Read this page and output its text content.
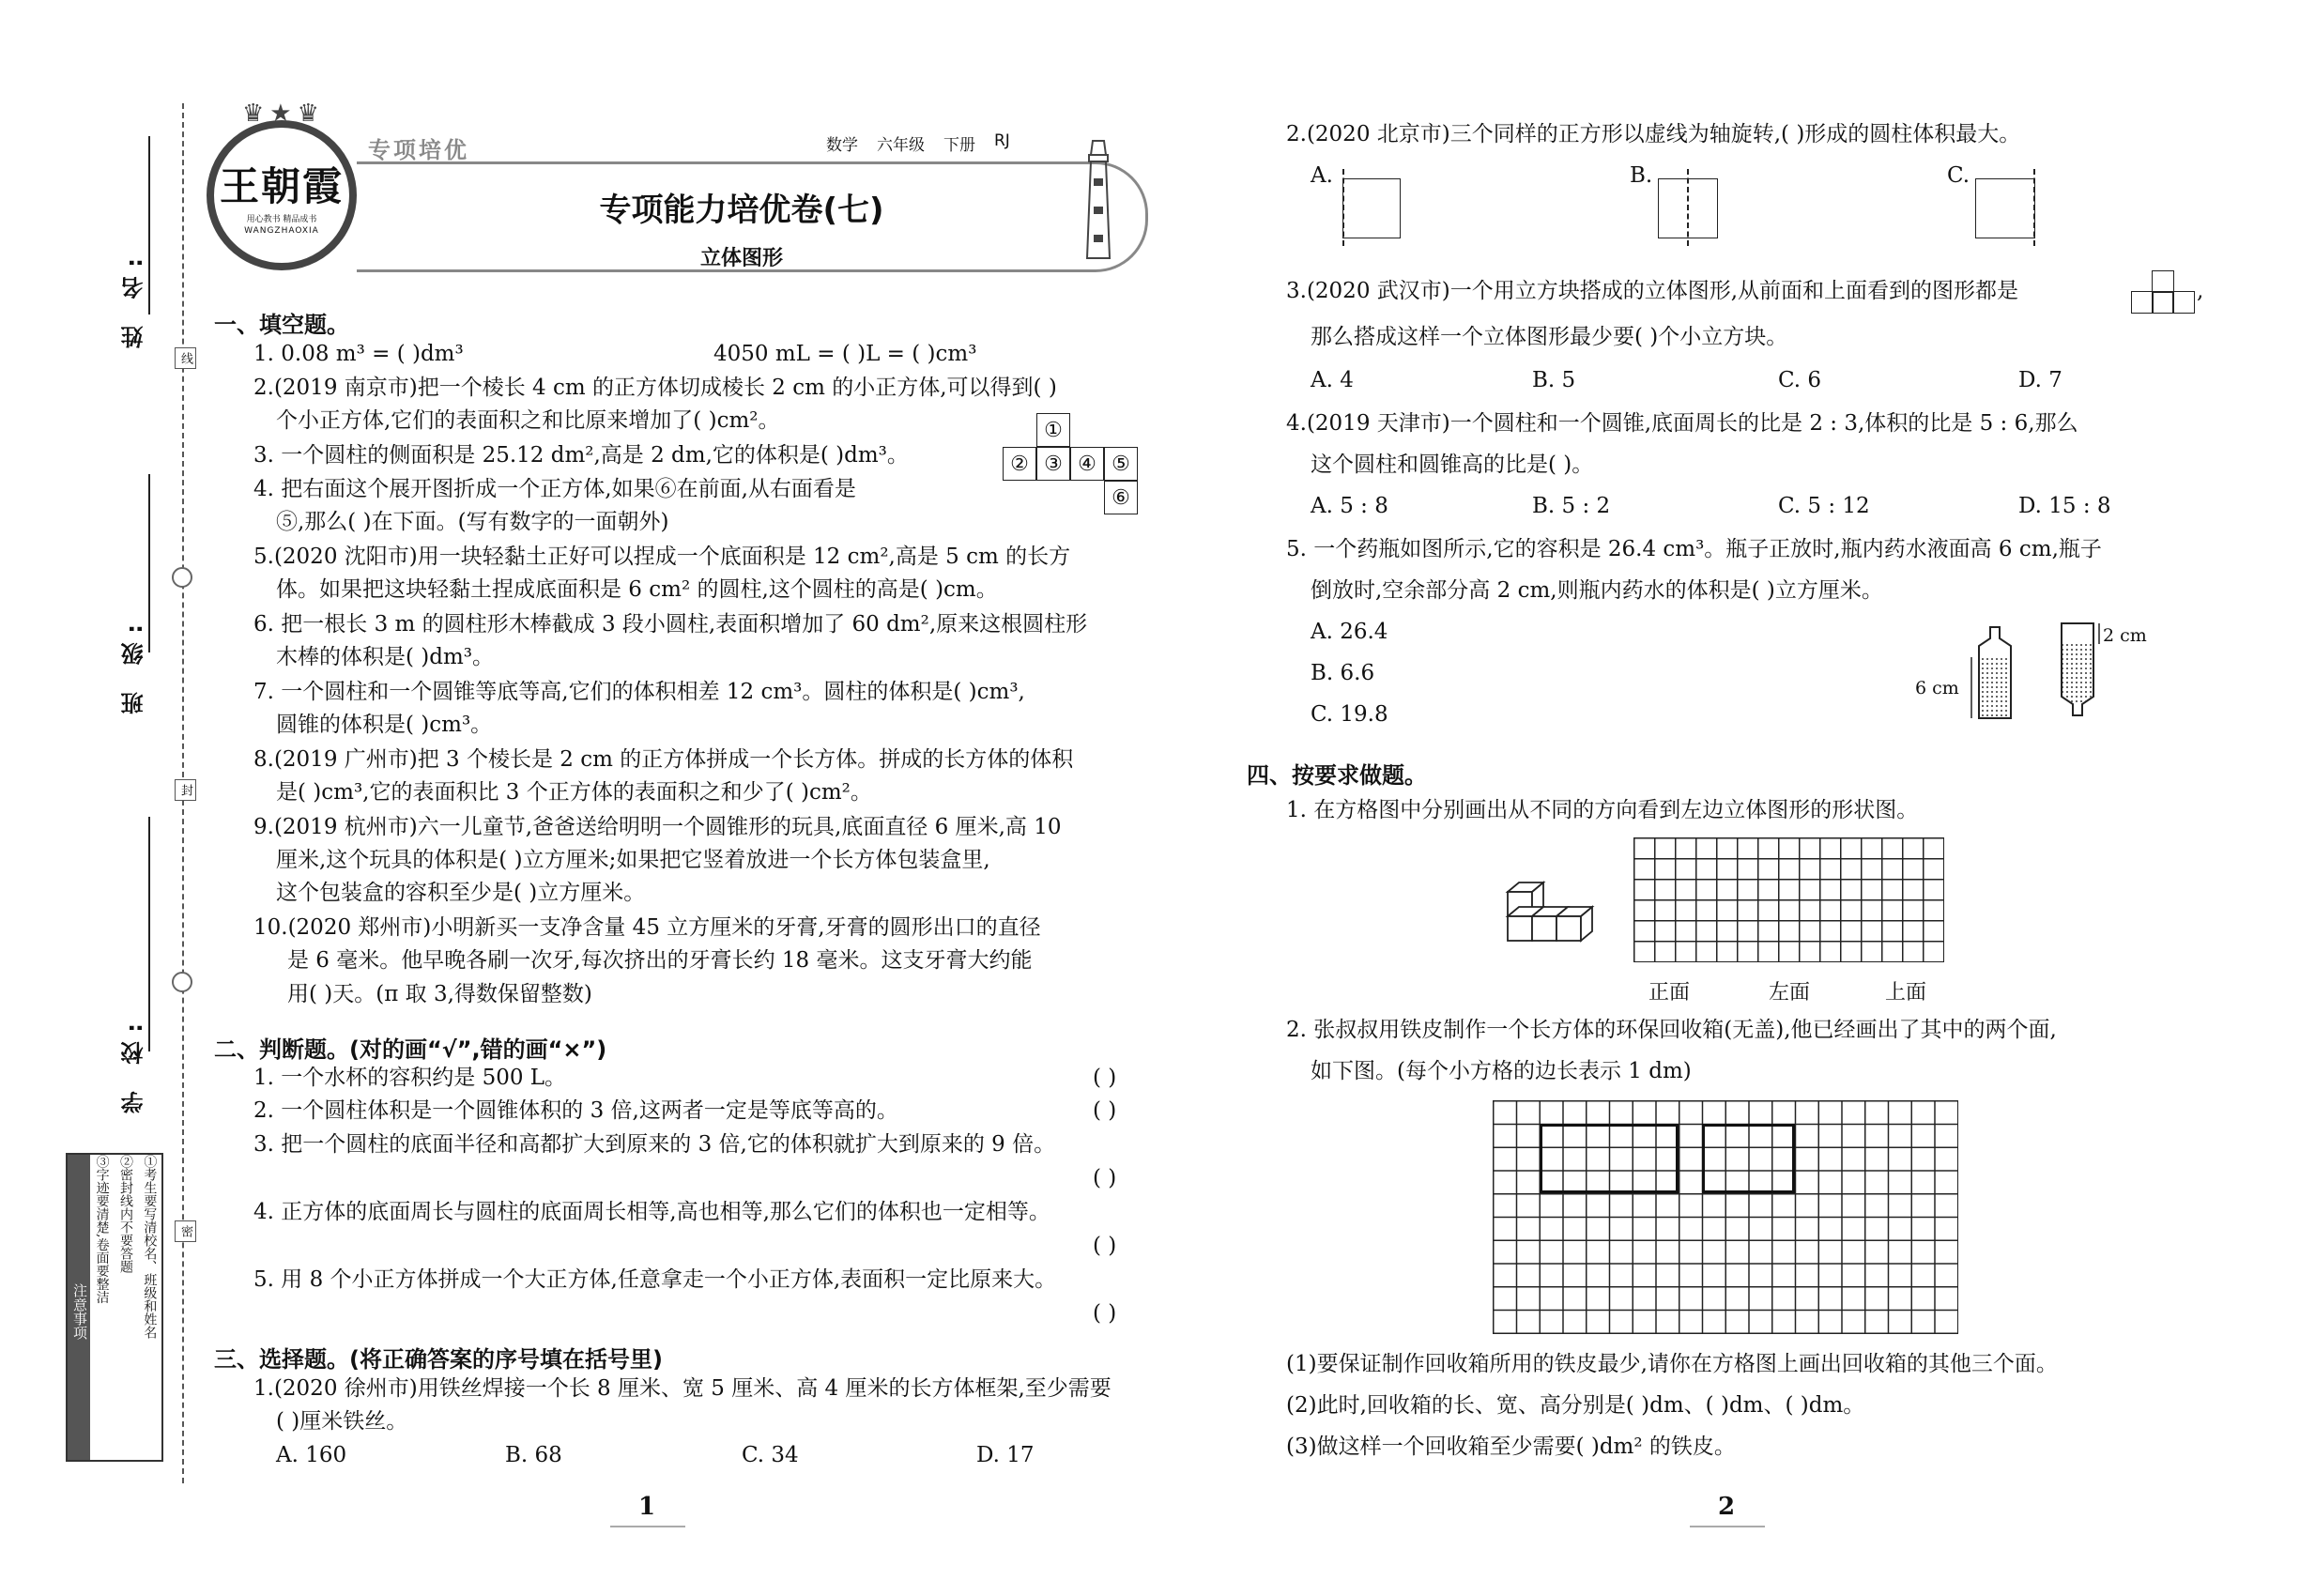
线
封
密
姓 名:
班 级:
学 校:
注意事项	①考生要写清校名、班级和姓名
②密封线内不要答题
③字迹要清楚,卷面要整洁
王朝霞
用心教书 精品成书
WANGZHAOXIA
♛★♛
专项培优	数学 六年级 下册 RJ
专项能力培优卷(七)
立体图形
一、填空题。
1. 0.08 m³ = ( )dm³	4050 mL = ( )L = ( )cm³
2.(2019 南京市)把一个棱长 4 cm 的正方体切成棱长 2 cm 的小正方体,可以得到( )
个小正方体,它们的表面积之和比原来增加了( )cm²。
3. 一个圆柱的侧面积是 25.12 dm²,高是 2 dm,它的体积是( )dm³。
4. 把右面这个展开图折成一个正方体,如果⑥在前面,从右面看是
⑤,那么( )在下面。(写有数字的一面朝外)
①
② ③ ④ ⑤
⑥
5.(2020 沈阳市)用一块轻黏土正好可以捏成一个底面积是 12 cm²,高是 5 cm 的长方
体。如果把这块轻黏土捏成底面积是 6 cm² 的圆柱,这个圆柱的高是( )cm。
6. 把一根长 3 m 的圆柱形木棒截成 3 段小圆柱,表面积增加了 60 dm²,原来这根圆柱形
木棒的体积是( )dm³。
7. 一个圆柱和一个圆锥等底等高,它们的体积相差 12 cm³。圆柱的体积是( )cm³,
圆锥的体积是( )cm³。
8.(2019 广州市)把 3 个棱长是 2 cm 的正方体拼成一个长方体。拼成的长方体的体积
是( )cm³,它的表面积比 3 个正方体的表面积之和少了( )cm²。
9.(2019 杭州市)六一儿童节,爸爸送给明明一个圆锥形的玩具,底面直径 6 厘米,高 10
厘米,这个玩具的体积是( )立方厘米;如果把它竖着放进一个长方体包装盒里,
这个包装盒的容积至少是( )立方厘米。
10.(2020 郑州市)小明新买一支净含量 45 立方厘米的牙膏,牙膏的圆形出口的直径
是 6 毫米。他早晚各刷一次牙,每次挤出的牙膏长约 18 毫米。这支牙膏大约能
用( )天。(π 取 3,得数保留整数)
二、判断题。(对的画“√”,错的画“×”)
1. 一个水杯的容积约是 500 L。	( )
2. 一个圆柱体积是一个圆锥体积的 3 倍,这两者一定是等底等高的。	( )
3. 把一个圆柱的底面半径和高都扩大到原来的 3 倍,它的体积就扩大到原来的 9 倍。
( )
4. 正方体的底面周长与圆柱的底面周长相等,高也相等,那么它们的体积也一定相等。
( )
5. 用 8 个小正方体拼成一个大正方体,任意拿走一个小正方体,表面积一定比原来大。
( )
三、选择题。(将正确答案的序号填在括号里)
1.(2020 徐州市)用铁丝焊接一个长 8 厘米、宽 5 厘米、高 4 厘米的长方体框架,至少需要
( )厘米铁丝。
A. 160	B. 68	C. 34	D. 17
1
2.(2020 北京市)三个同样的正方形以虚线为轴旋转,( )形成的圆柱体积最大。
A.	B.	C.
3.(2020 武汉市)一个用立方块搭成的立体图形,从前面和上面看到的图形都是	,
那么搭成这样一个立体图形最少要( )个小立方块。
A. 4	B. 5	C. 6	D. 7
4.(2019 天津市)一个圆柱和一个圆锥,底面周长的比是 2 : 3,体积的比是 5 : 6,那么
这个圆柱和圆锥高的比是( )。
A. 5 : 8	B. 5 : 2	C. 5 : 12	D. 15 : 8
5. 一个药瓶如图所示,它的容积是 26.4 cm³。瓶子正放时,瓶内药水液面高 6 cm,瓶子
倒放时,空余部分高 2 cm,则瓶内药水的体积是( )立方厘米。
A. 26.4
B. 6.6
C. 19.8
6 cm
2 cm
四、按要求做题。
1. 在方格图中分别画出从不同的方向看到左边立体图形的形状图。
正面	左面	上面
2. 张叔叔用铁皮制作一个长方体的环保回收箱(无盖),他已经画出了其中的两个面,
如下图。(每个小方格的边长表示 1 dm)
(1)要保证制作回收箱所用的铁皮最少,请你在方格图上画出回收箱的其他三个面。
(2)此时,回收箱的长、宽、高分别是( )dm、( )dm、( )dm。
(3)做这样一个回收箱至少需要( )dm² 的铁皮。
2
